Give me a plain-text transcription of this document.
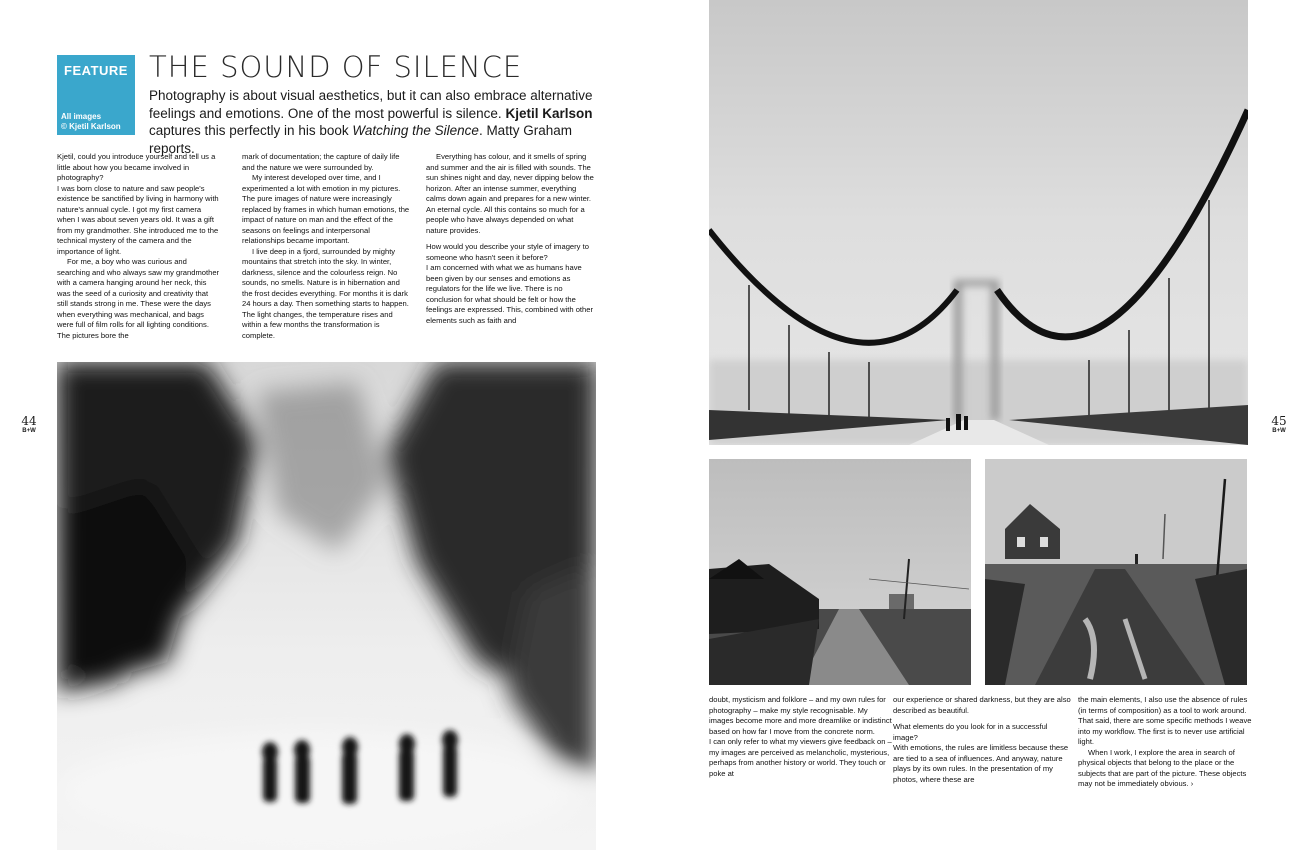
FEATURE
All images
© Kjetil Karlson
THE SOUND OF SILENCE
Photography is about visual aesthetics, but it can also embrace alternative feelings and emotions. One of the most powerful is silence. Kjetil Karlson captures this perfectly in his book Watching the Silence. Matty Graham reports.

Kjetil, could you introduce yourself and tell us a little about how you became involved in photography?

I was born close to nature and saw people's existence be sanctified by living in harmony with nature's annual cycle. I got my first camera when I was about seven years old. It was a gift from my grandmother. She introduced me to the technical mystery of the camera and the importance of light.

For me, a boy who was curious and searching and who always saw my grandmother with a camera hanging around her neck, this was the seed of a curiosity and creativity that still stands strong in me. These were the days when everything was mechanical, and bags were full of film rolls for all lighting conditions. The pictures bore the

mark of documentation; the capture of daily life and the nature we were surrounded by.

My interest developed over time, and I experimented a lot with emotion in my pictures. The pure images of nature were increasingly replaced by frames in which human emotions, the impact of nature on man and the effect of the seasons on feelings and interpersonal relationships became important.

I live deep in a fjord, surrounded by mighty mountains that stretch into the sky. In winter, darkness, silence and the colourless reign. No sounds, no smells. Nature is in hibernation and the frost decides everything. For months it is dark 24 hours a day. Then something starts to happen. The light changes, the temperature rises and within a few months the transformation is complete.

Everything has colour, and it smells of spring and summer and the air is filled with sounds. The sun shines night and day, never dipping below the horizon. After an intense summer, everything calms down again and prepares for a new winter. An eternal cycle. All this contains so much for a people who have always depended on what nature provides.

How would you describe your style of imagery to someone who hasn't seen it before?

I am concerned with what we as humans have been given by our senses and emotions as regulators for the life we live. There is no conclusion for what should be felt or how the feelings are expressed. This, combined with other elements such as faith and

44
B+W
45
B+W

doubt, mysticism and folklore – and my own rules for photography – make my style recognisable. My images become more and more dreamlike or indistinct based on how far I move from the concrete norm.

I can only refer to what my viewers give feedback on – my images are perceived as melancholic, mysterious, perhaps from another history or world. They touch or poke at

our experience or shared darkness, but they are also described as beautiful.

What elements do you look for in a successful image?

With emotions, the rules are limitless because these are tied to a sea of influences. And anyway, nature plays by its own rules. In the presentation of my photos, where these are

the main elements, I also use the absence of rules (in terms of composition) as a tool to work around. That said, there are some specific methods I weave into my workflow. The first is to never use artificial light.

When I work, I explore the area in search of physical objects that belong to the place or the subjects that are part of the picture. These objects may not be immediately obvious. ›
